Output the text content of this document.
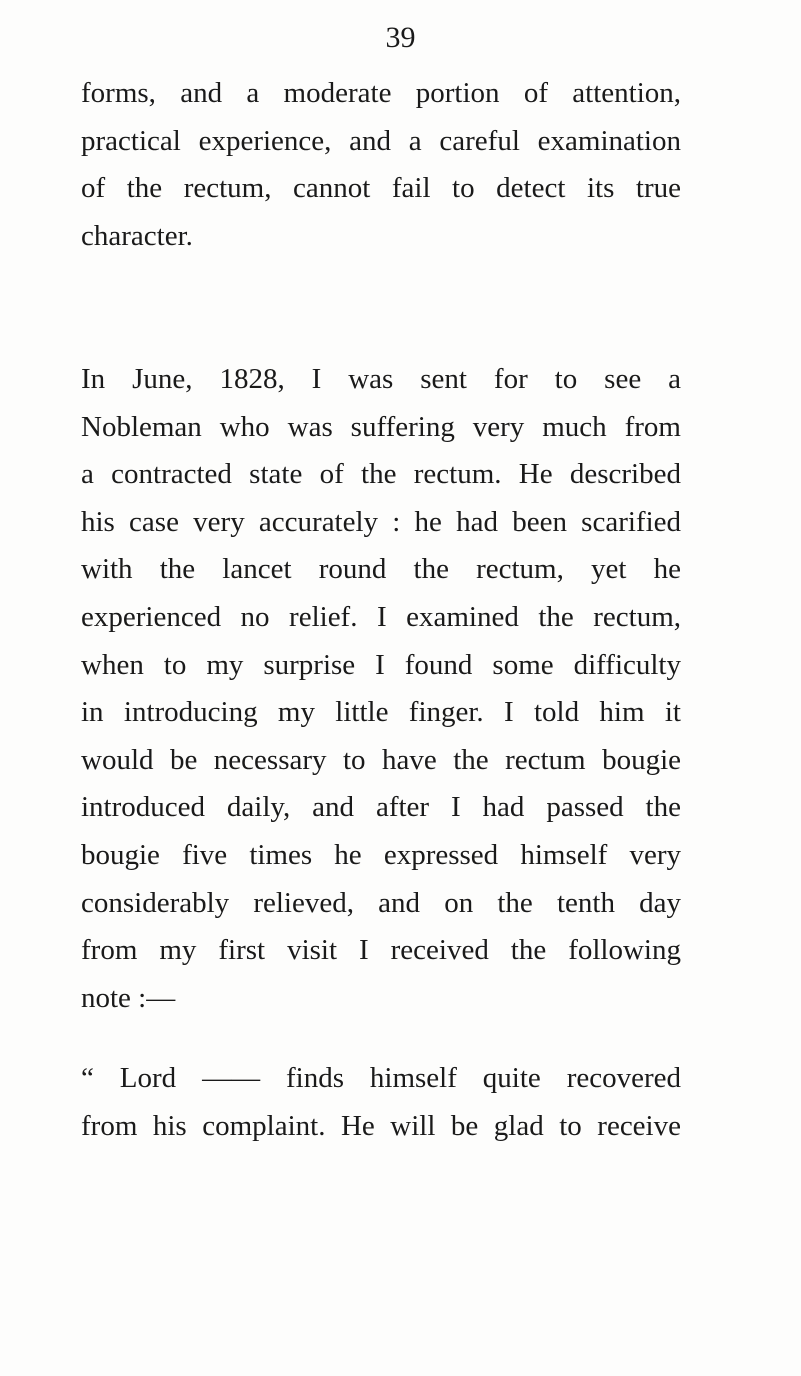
39
forms, and a moderate portion of attention,
practical experience, and a careful examination
of the rectum, cannot fail to detect its true
character.
In June, 1828, I was sent for to see a
Nobleman who was suffering very much from
a contracted state of the rectum. He described
his case very accurately : he had been scarified
with the lancet round the rectum, yet he
experienced no relief. I examined the rectum,
when to my surprise I found some difficulty
in introducing my little finger. I told him it
would be necessary to have the rectum bougie
introduced daily, and after I had passed the
bougie five times he expressed himself very
considerably relieved, and on the tenth day
from my first visit I received the following
note :—
“ Lord —— finds himself quite recovered
from his complaint. He will be glad to receive
